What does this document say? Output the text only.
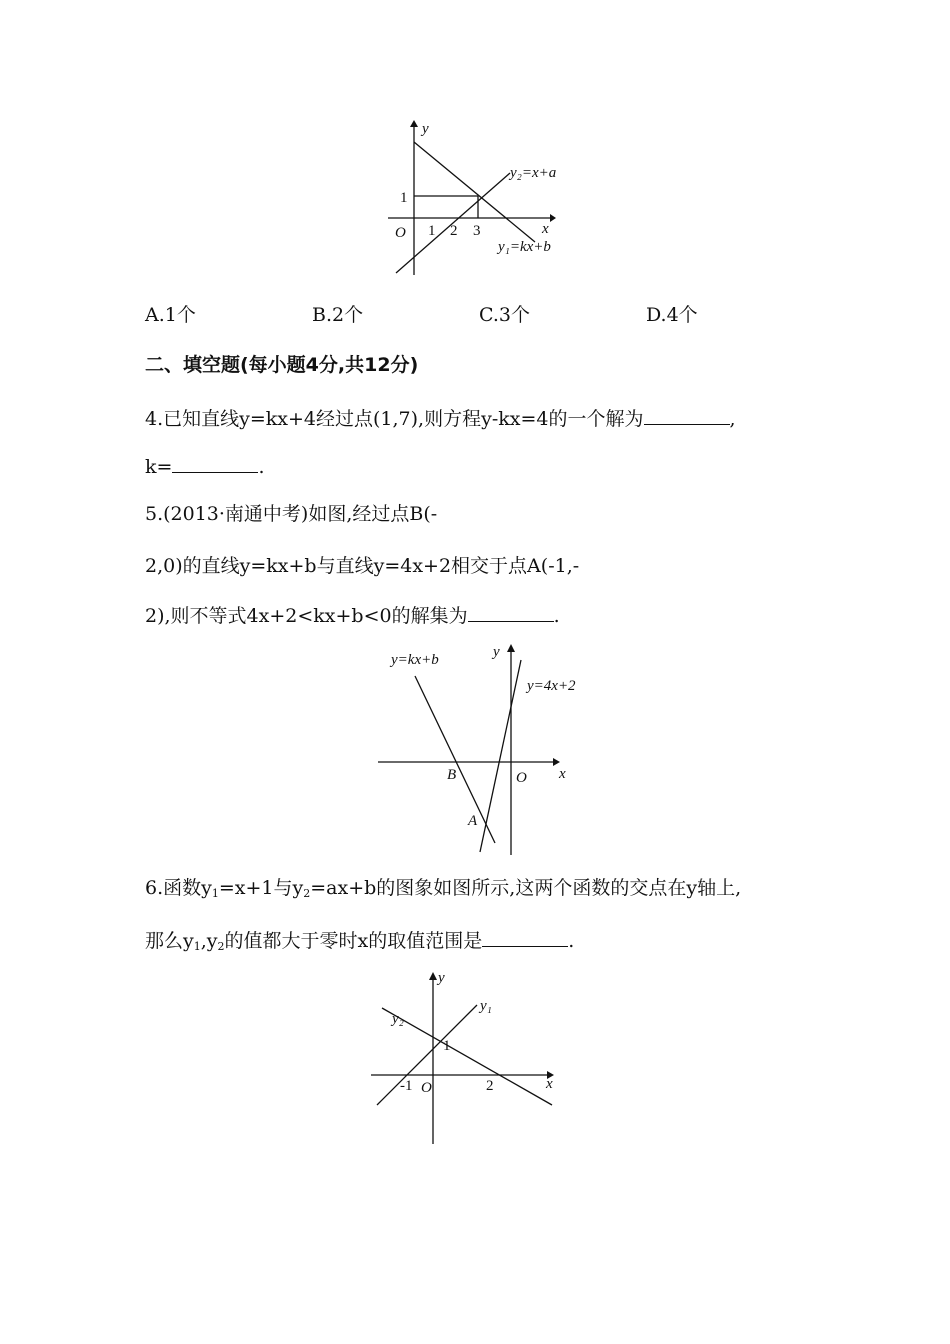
y
x
O
1
1 2 3
y₂=x+a
y₁=kx+b
A.1个	B.2个	C.3个	D.4个
二、填空题(每小题4分,共12分)
4.已知直线y=kx+4经过点(1,7),则方程y-kx=4的一个解为	,
k=	.
5.(2013·南通中考)如图,经过点B(-
2,0)的直线y=kx+b与直线y=4x+2相交于点A(-1,-
2),则不等式4x+2<kx+b<0的解集为	.
y=kx+b	y
y=4x+2
B	O x
A
6.函数$y_1=x+1$与$y_2=ax+b$的图象如图所示,这两个函数的交点在y轴上,
那么$y_1,y_2$的值都大于零时x的取值范围是	.
y
y₁
y₂
1
-1 O	2	x
